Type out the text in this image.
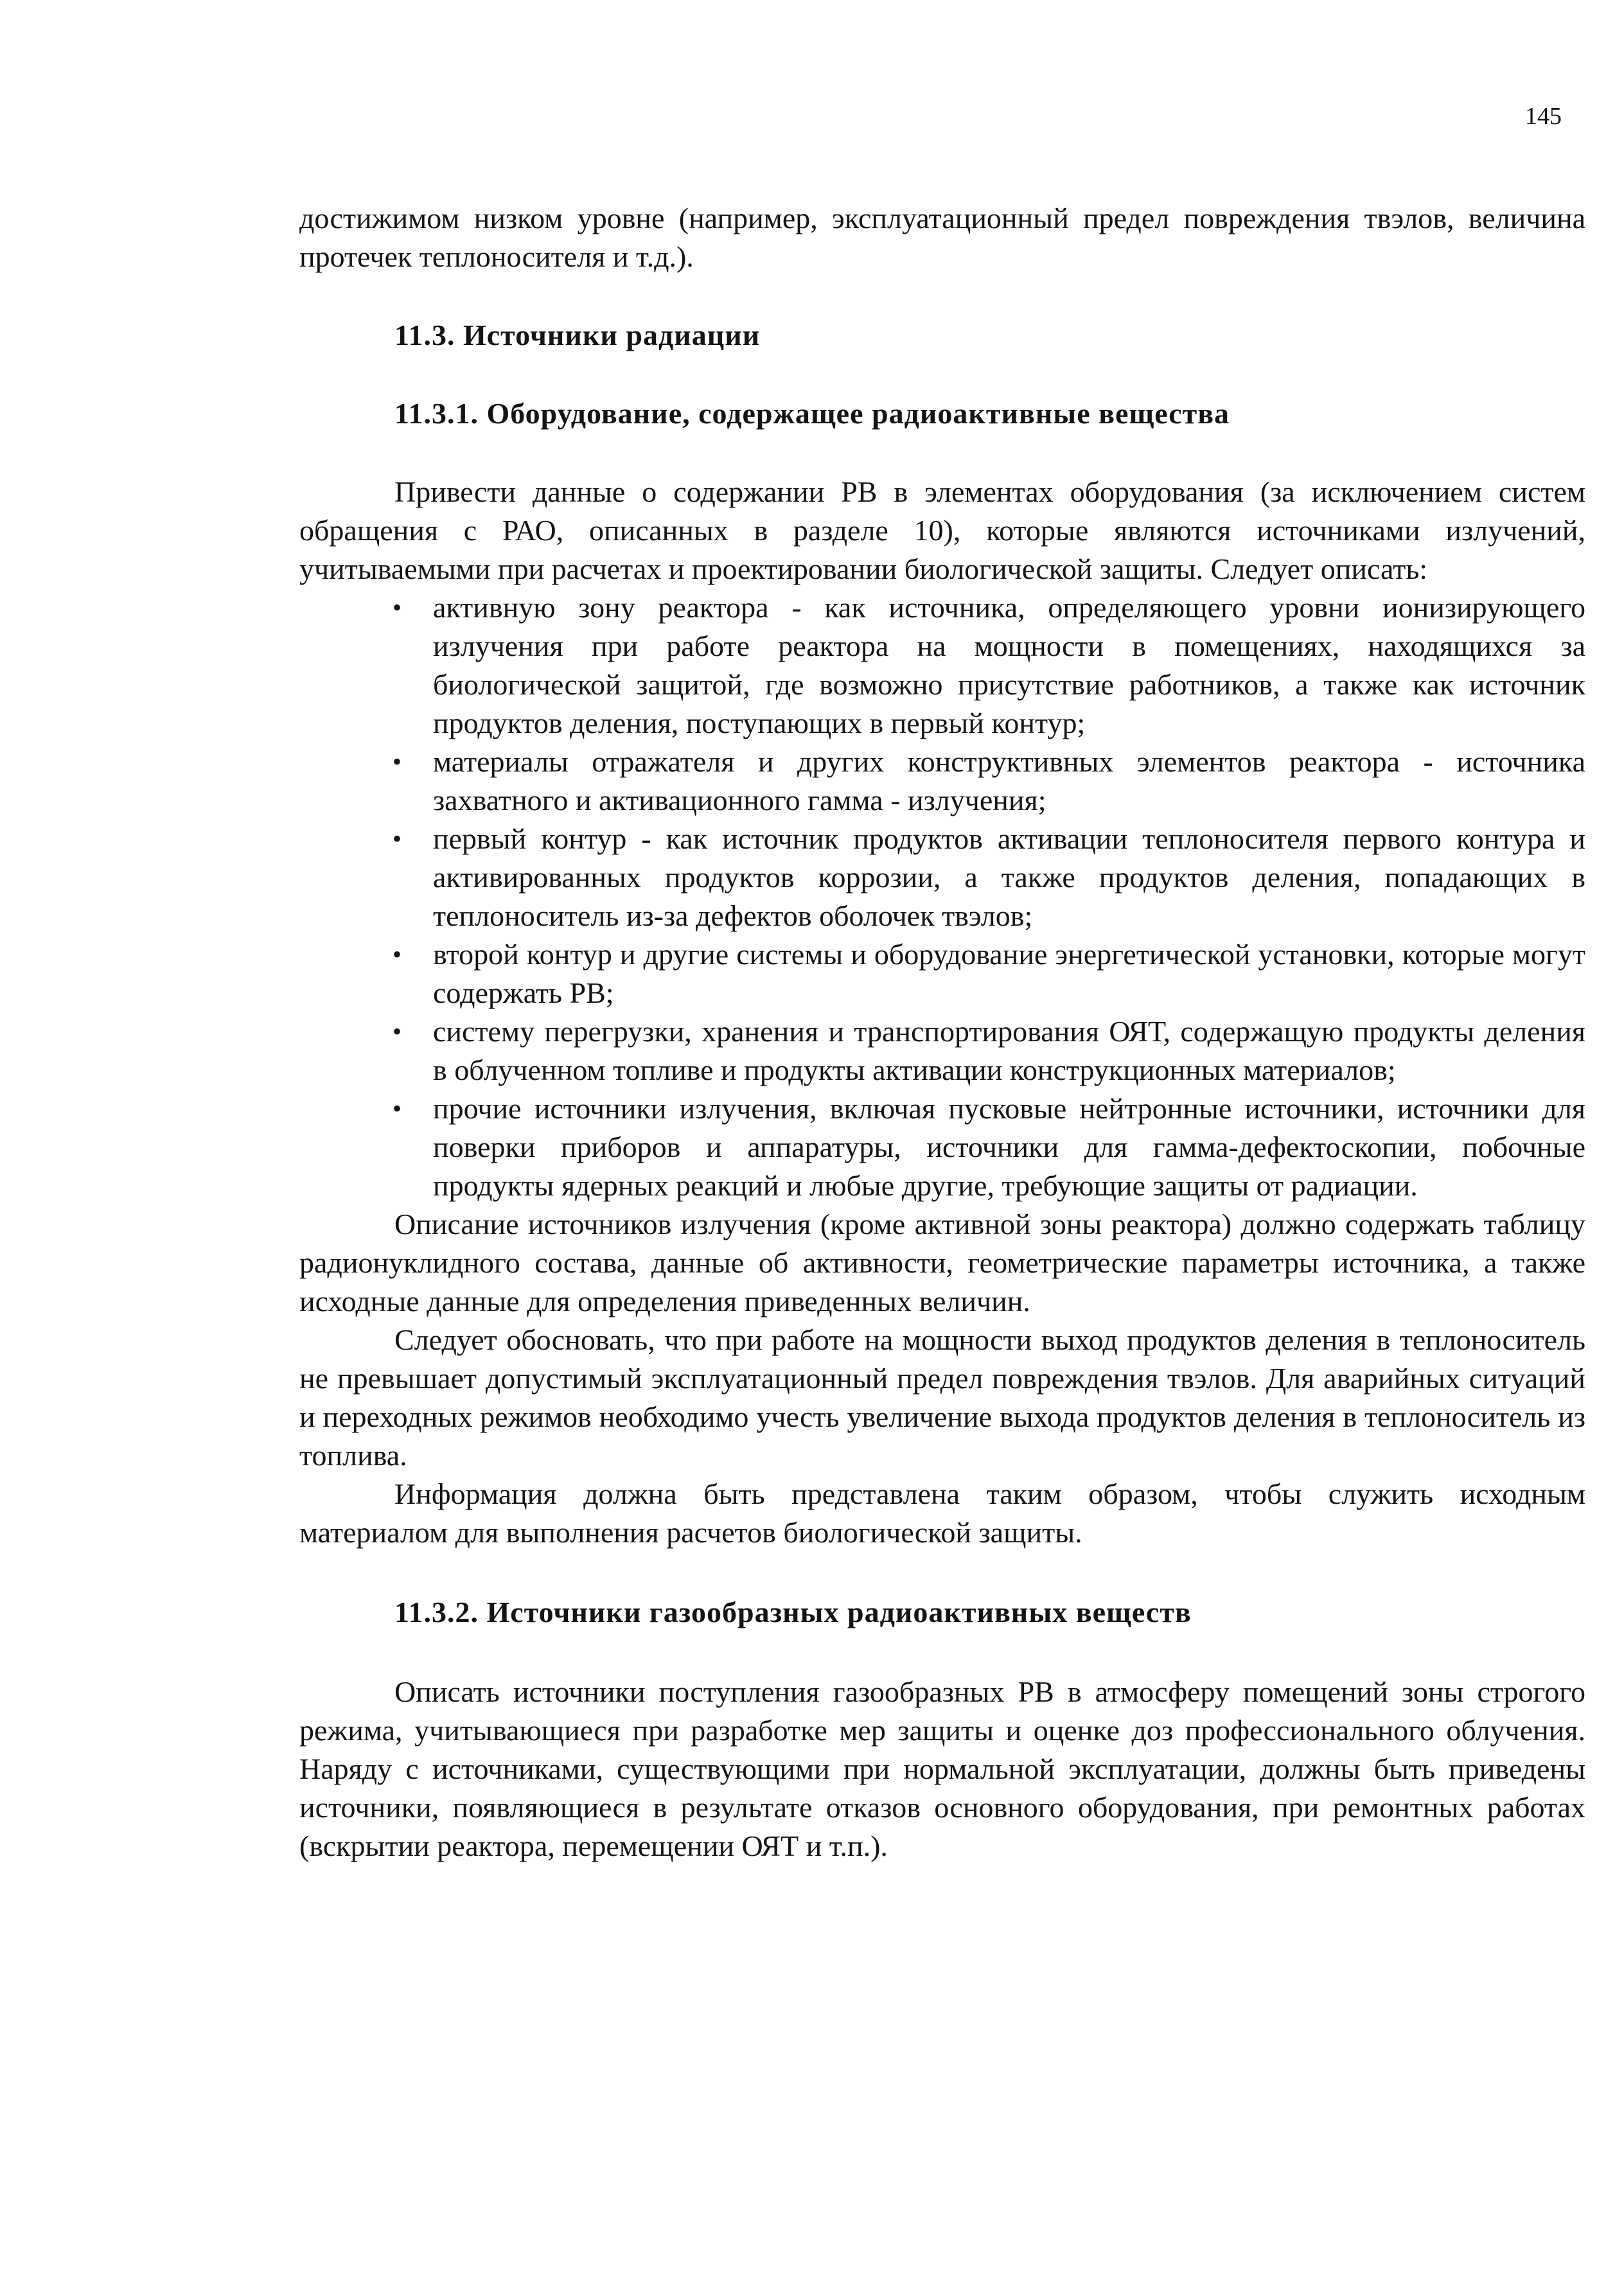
145

достижимом низком уровне (например, эксплуатационный предел повреждения твэлов, величина протечек теплоносителя и т.д.).

11.3. Источники радиации

11.3.1. Оборудование, содержащее радиоактивные вещества

Привести данные о содержании РВ в элементах оборудования (за исключением систем обращения с РАО, описанных в разделе 10), которые являются источниками излучений, учитываемыми при расчетах и проектировании биологической защиты. Следует описать:

•	активную зону реактора - как источника, определяющего уровни ионизирующего излучения при работе реактора на мощности в помещениях, находящихся за биологической защитой, где возможно присутствие работников, а также как источник продуктов деления, поступающих в первый контур;
•	материалы отражателя и других конструктивных элементов реактора - источника захватного и активационного гамма - излучения;
•	первый контур - как источник продуктов активации теплоносителя первого контура и активированных продуктов коррозии, а также продуктов деления, попадающих в теплоноситель из-за дефектов оболочек твэлов;
•	второй контур и другие системы и оборудование энергетической установки, которые могут содержать РВ;
•	систему перегрузки, хранения и транспортирования ОЯТ, содержащую продукты деления в облученном топливе и продукты активации конструкционных материалов;
•	прочие источники излучения, включая пусковые нейтронные источники, источники для поверки приборов и аппаратуры, источники для гамма-дефектоскопии, побочные продукты ядерных реакций и любые другие, требующие защиты от радиации.

Описание источников излучения (кроме активной зоны реактора) должно содержать таблицу радионуклидного состава, данные об активности, геометрические параметры источника, а также исходные данные для определения приведенных величин.

Следует обосновать, что при работе на мощности выход продуктов деления в теплоноситель не превышает допустимый эксплуатационный предел повреждения твэлов. Для аварийных ситуаций и переходных режимов необходимо учесть увеличение выхода продуктов деления в теплоноситель из топлива.

Информация должна быть представлена таким образом, чтобы служить исходным материалом для выполнения расчетов биологической защиты.

11.3.2. Источники газообразных радиоактивных веществ

Описать источники поступления газообразных РВ в атмосферу помещений зоны строгого режима, учитывающиеся при разработке мер защиты и оценке доз профессионального облучения. Наряду с источниками, существующими при нормальной эксплуатации, должны быть приведены источники, появляющиеся в результате отказов основного оборудования, при ремонтных работах (вскрытии реактора, перемещении ОЯТ и т.п.).
